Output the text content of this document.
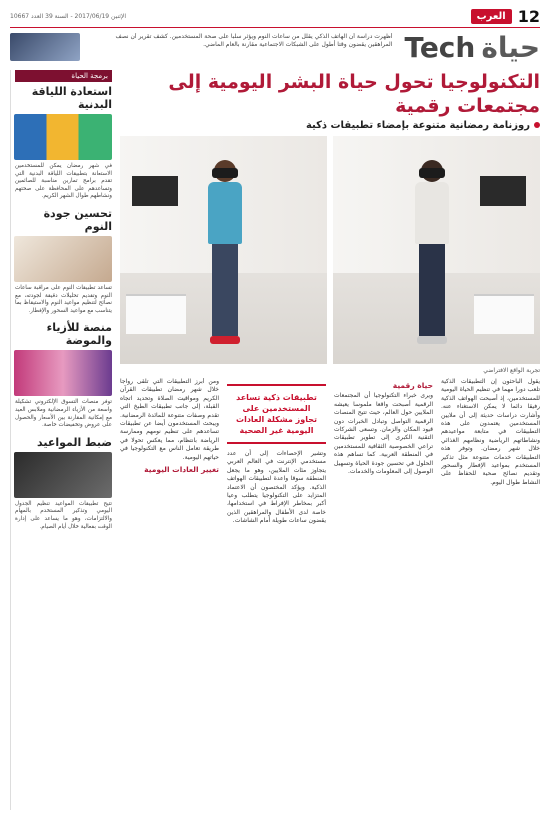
12
العرب
الإثنين 2017/06/19 - السنة 39 العدد 10667
حياةTech
أظهرت دراسة أن الهاتف الذكي يقلل من ساعات النوم ويؤثر سلبا على صحة المستخدمين. كشف تقرير أن نصف المراهقين يقضون وقتا أطول على الشبكات الاجتماعية مقارنة بالعام الماضي.
التكنولوجيا تحول حياة البشر اليومية إلى مجتمعات رقمية
روزنامة رمضانية متنوعة بإمضاء تطبيقات ذكية
تجربة الواقع الافتراضي

يقول الباحثون إن التطبيقات الذكية تلعب دورا مهما في تنظيم الحياة اليومية للمستخدمين، إذ أصبحت الهواتف الذكية رفيقا دائما لا يمكن الاستغناء عنه. وأشارت دراسات حديثة إلى أن ملايين المستخدمين يعتمدون على هذه التطبيقات في متابعة مواعيدهم ونشاطاتهم الرياضية ونظامهم الغذائي خلال شهر رمضان. وتوفر هذه التطبيقات خدمات متنوعة مثل تذكير المستخدم بمواعيد الإفطار والسحور وتقديم نصائح صحية للحفاظ على النشاط طوال اليوم.

حياة رقمية

ويرى خبراء التكنولوجيا أن المجتمعات الرقمية أصبحت واقعا ملموسا يعيشه الملايين حول العالم، حيث تتيح المنصات الرقمية التواصل وتبادل الخبرات دون قيود المكان والزمان. وتسعى الشركات التقنية الكبرى إلى تطوير تطبيقات تراعي الخصوصية الثقافية للمستخدمين في المنطقة العربية. كما تساهم هذه الحلول في تحسين جودة الحياة وتسهيل الوصول إلى المعلومات والخدمات.

تطبيقات ذكية تساعد المستخدمين على تجاوز مشكلة العادات اليومية غير الصحية

وتشير الإحصاءات إلى أن عدد مستخدمي الإنترنت في العالم العربي يتجاوز مئات الملايين، وهو ما يجعل المنطقة سوقا واعدة لتطبيقات الهواتف الذكية. ويؤكد المختصون أن الاعتماد المتزايد على التكنولوجيا يتطلب وعيا أكبر بمخاطر الإفراط في استخدامها، خاصة لدى الأطفال والمراهقين الذين يقضون ساعات طويلة أمام الشاشات.

ومن أبرز التطبيقات التي تلقى رواجا خلال شهر رمضان تطبيقات القرآن الكريم ومواقيت الصلاة وتحديد اتجاه القبلة، إلى جانب تطبيقات الطبخ التي تقدم وصفات متنوعة للمائدة الرمضانية. ويبحث المستخدمون أيضا عن تطبيقات تساعدهم على تنظيم نومهم وممارسة الرياضة بانتظام، مما يعكس تحولا في طريقة تعامل الناس مع التكنولوجيا في حياتهم اليومية.

تغيير العادات اليومية
برمجة الحياة
استعادة اللياقة البدنية
في شهر رمضان يمكن للمستخدمين الاستعانة بتطبيقات اللياقة البدنية التي تقدم برامج تمارين مناسبة للصائمين وتساعدهم على المحافظة على صحتهم ونشاطهم طوال الشهر الكريم.
تحسين جودة النوم
تساعد تطبيقات النوم على مراقبة ساعات النوم وتقديم تحليلات دقيقة لجودته، مع نصائح لتنظيم مواعيد النوم والاستيقاظ بما يتناسب مع مواعيد السحور والإفطار.
منصة للأزياء والموضة
توفر منصات التسوق الإلكتروني تشكيلة واسعة من الأزياء الرمضانية وملابس العيد مع إمكانية المقارنة بين الأسعار والحصول على عروض وتخفيضات خاصة.
ضبط المواعيد
تتيح تطبيقات المواعيد تنظيم الجدول اليومي وتذكير المستخدم بالمهام والالتزامات، وهو ما يساعد على إدارة الوقت بفعالية خلال أيام الصيام.
